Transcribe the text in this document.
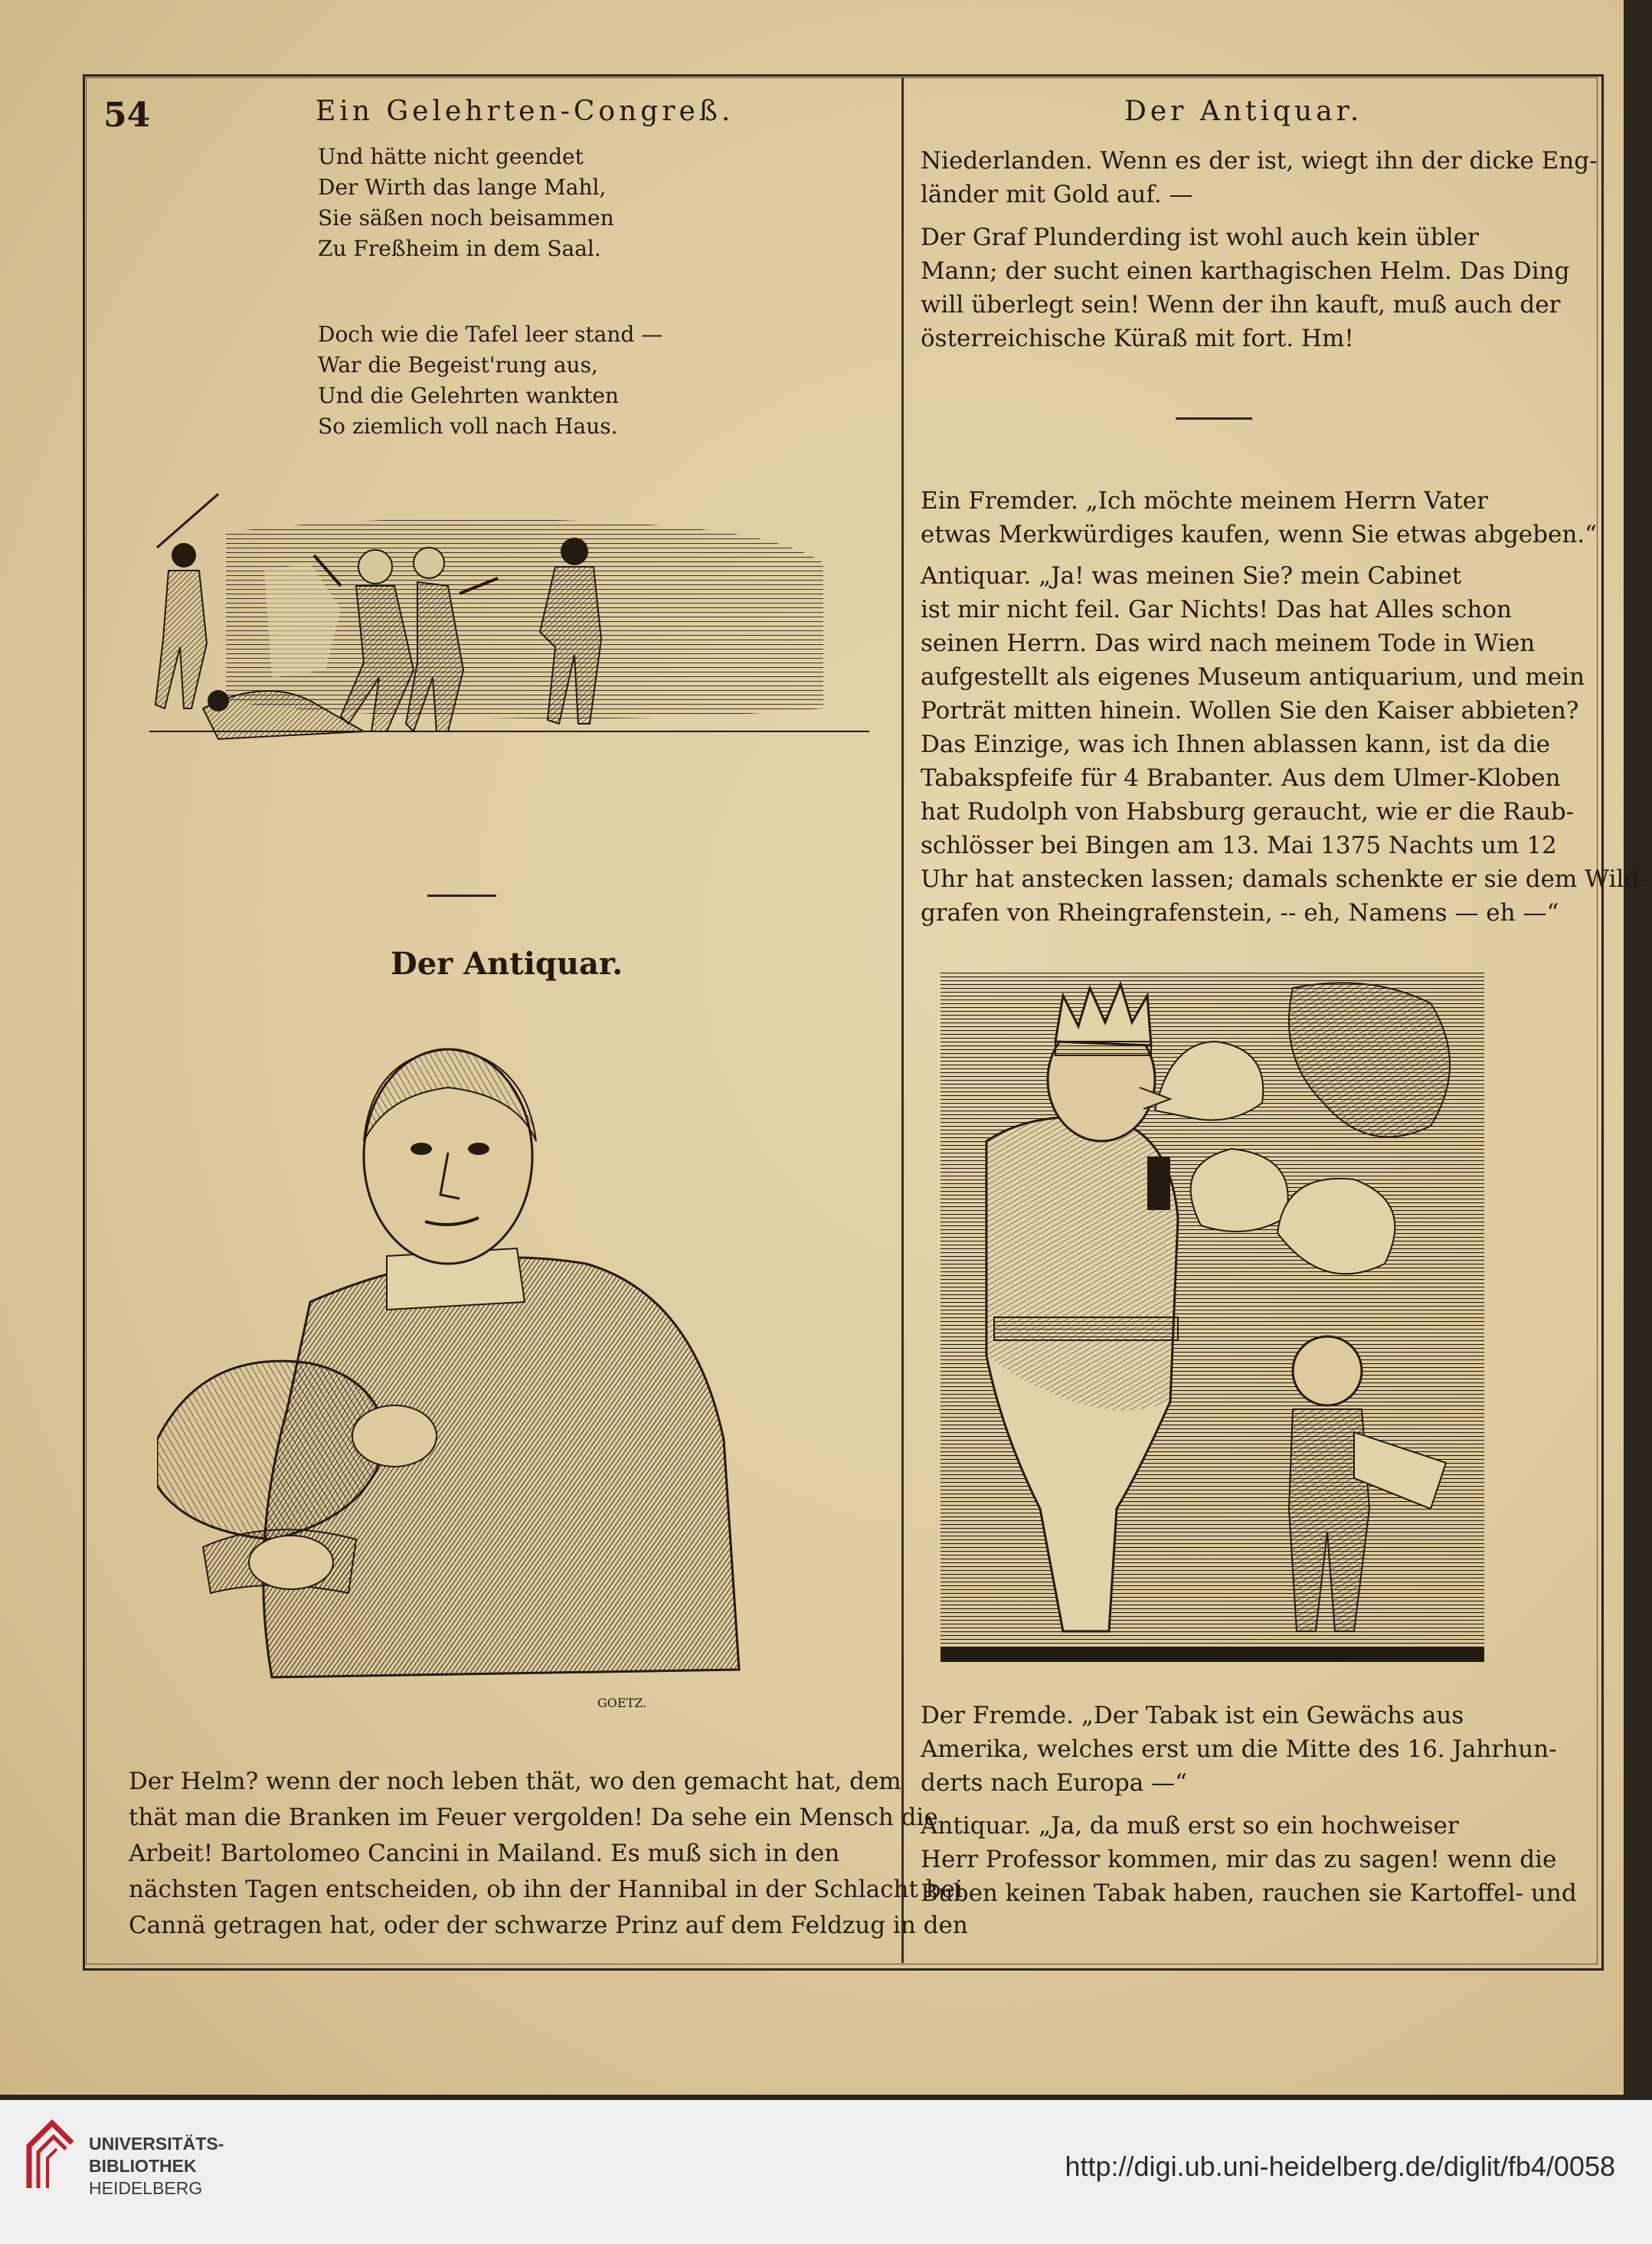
54	Ein Gelehrten-Congreß.	Der Antiquar.
Und hätte nicht geendet
Der Wirth das lange Mahl,
Sie säßen noch beisammen
Zu Freßheim in dem Saal.
Doch wie die Tafel leer stand —
War die Begeist'rung aus,
Und die Gelehrten wankten
So ziemlich voll nach Haus.
Der Antiquar.
GOETZ.
Der Helm? wenn der noch leben thät, wo den gemacht hat, dem
thät man die Branken im Feuer vergolden! Da sehe ein Mensch die
Arbeit! Bartolomeo Cancini in Mailand. Es muß sich in den
nächsten Tagen entscheiden, ob ihn der Hannibal in der Schlacht bei
Cannä getragen hat, oder der schwarze Prinz auf dem Feldzug in den
Niederlanden. Wenn es der ist, wiegt ihn der dicke Eng-
länder mit Gold auf. —
Der Graf Plunderding ist wohl auch kein übler
Mann; der sucht einen karthagischen Helm. Das Ding
will überlegt sein! Wenn der ihn kauft, muß auch der
österreichische Küraß mit fort. Hm!
Ein Fremder. „Ich möchte meinem Herrn Vater
etwas Merkwürdiges kaufen, wenn Sie etwas abgeben.“
Antiquar. „Ja! was meinen Sie? mein Cabinet
ist mir nicht feil. Gar Nichts! Das hat Alles schon
seinen Herrn. Das wird nach meinem Tode in Wien
aufgestellt als eigenes Museum antiquarium, und mein
Porträt mitten hinein. Wollen Sie den Kaiser abbieten?
Das Einzige, was ich Ihnen ablassen kann, ist da die
Tabakspfeife für 4 Brabanter. Aus dem Ulmer-Kloben
hat Rudolph von Habsburg geraucht, wie er die Raub-
schlösser bei Bingen am 13. Mai 1375 Nachts um 12
Uhr hat anstecken lassen; damals schenkte er sie dem Wild-
grafen von Rheingrafenstein, -- eh, Namens — eh —“
Der Fremde. „Der Tabak ist ein Gewächs aus
Amerika, welches erst um die Mitte des 16. Jahrhun-
derts nach Europa —“
Antiquar. „Ja, da muß erst so ein hochweiser
Herr Professor kommen, mir das zu sagen! wenn die
Buben keinen Tabak haben, rauchen sie Kartoffel- und
UNIVERSITÄTS-
BIBLIOTHEK
HEIDELBERG
http://digi.ub.uni-heidelberg.de/diglit/fb4/0058
